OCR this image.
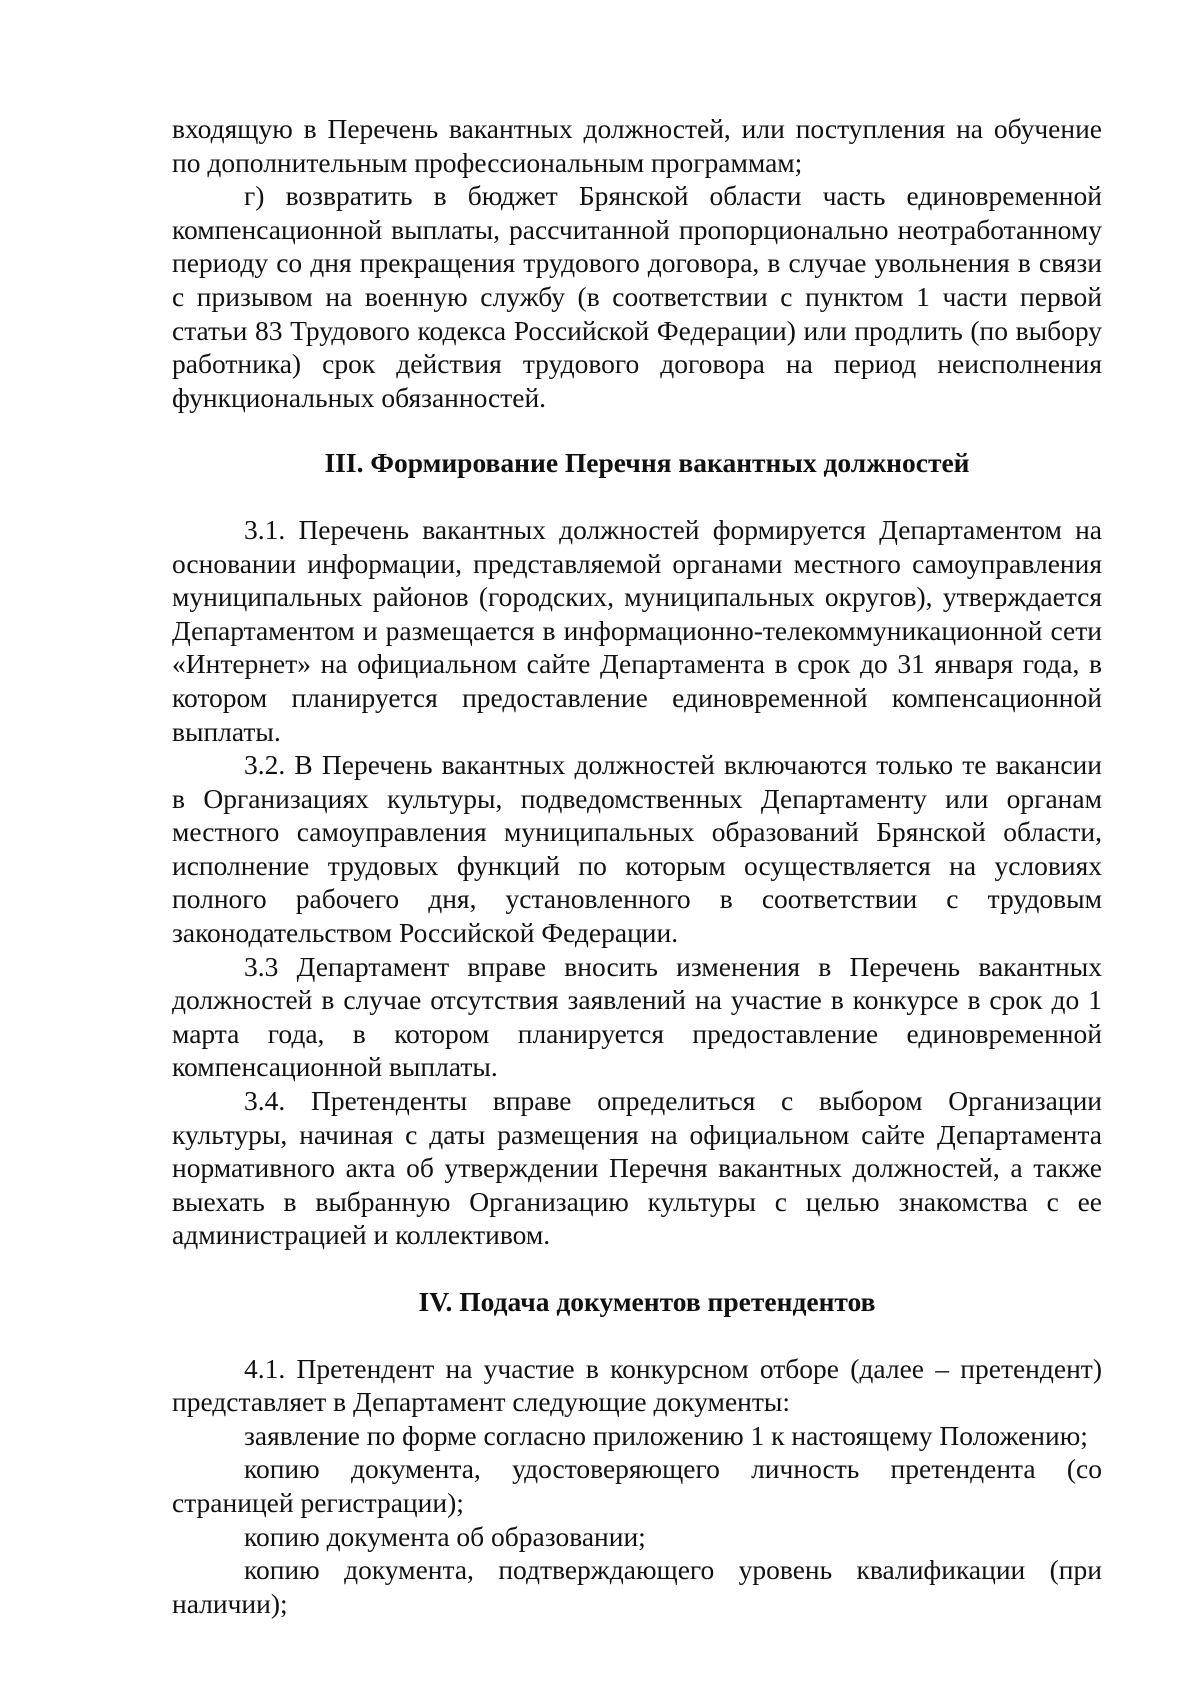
входящую в Перечень вакантных должностей, или поступления на обучение по дополнительным профессиональным программам;

г) возвратить в бюджет Брянской области часть единовременной компенсационной выплаты, рассчитанной пропорционально неотработанному периоду со дня прекращения трудового договора, в случае увольнения в связи с призывом на военную службу (в соответствии с пунктом 1 части первой статьи 83 Трудового кодекса Российской Федерации) или продлить (по выбору работника) срок действия трудового договора на период неисполнения функциональных обязанностей.

III. Формирование Перечня вакантных должностей

3.1. Перечень вакантных должностей формируется Департаментом на основании информации, представляемой органами местного самоуправления муниципальных районов (городских, муниципальных округов), утверждается Департаментом и размещается в информационно-телекоммуникационной сети «Интернет» на официальном сайте Департамента в срок до 31 января года, в котором планируется предоставление единовременной компенсационной выплаты.

3.2. В Перечень вакантных должностей включаются только те вакансии в Организациях культуры, подведомственных Департаменту или органам местного самоуправления муниципальных образований Брянской области, исполнение трудовых функций по которым осуществляется на условиях полного рабочего дня, установленного в соответствии с трудовым законодательством Российской Федерации.

3.3 Департамент вправе вносить изменения в Перечень вакантных должностей в случае отсутствия заявлений на участие в конкурсе в срок до 1 марта года, в котором планируется предоставление единовременной компенсационной выплаты.

3.4. Претенденты вправе определиться с выбором Организации культуры, начиная с даты размещения на официальном сайте Департамента нормативного акта об утверждении Перечня вакантных должностей, а также выехать в выбранную Организацию культуры с целью знакомства с ее администрацией и коллективом.

IV. Подача документов претендентов

4.1. Претендент на участие в конкурсном отборе (далее – претендент) представляет в Департамент следующие документы:

заявление по форме согласно приложению 1 к настоящему Положению;

копию документа, удостоверяющего личность претендента (со страницей регистрации);

копию документа об образовании;

копию документа, подтверждающего уровень квалификации (при наличии);
